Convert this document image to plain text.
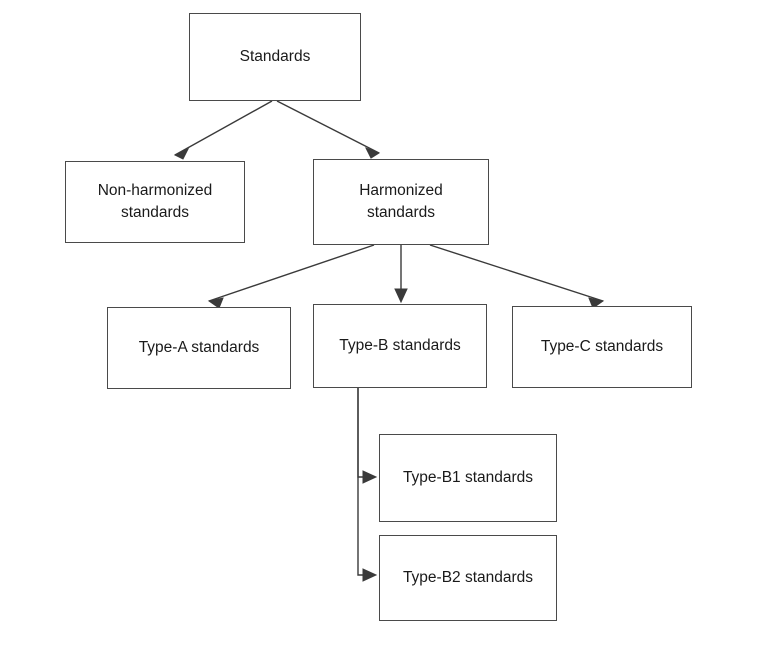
Standards
Non-harmonized
standards
Harmonized
standards
Type-A standards	Type-B standards	Type-C standards
Type-B1 standards
Type-B2 standards
